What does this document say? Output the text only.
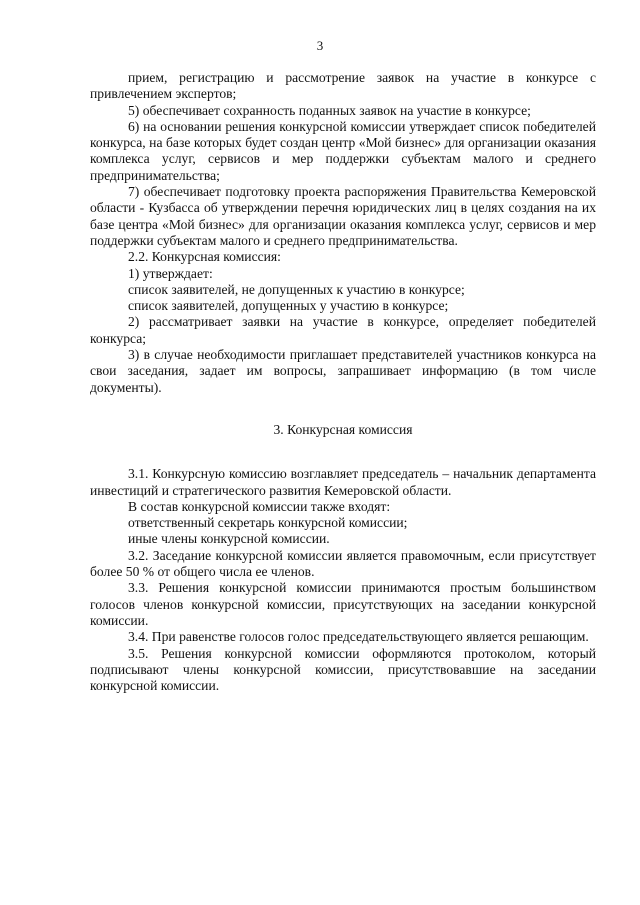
3

прием, регистрацию и рассмотрение заявок на участие в конкурсе с привлечением экспертов;

5) обеспечивает сохранность поданных заявок на участие в конкурсе;

6) на основании решения конкурсной комиссии утверждает список победителей конкурса, на базе которых будет создан центр «Мой бизнес» для организации оказания комплекса услуг, сервисов и мер поддержки субъектам малого и среднего предпринимательства;

7) обеспечивает подготовку проекта распоряжения Правительства Кемеровской области - Кузбасса об утверждении перечня юридических лиц в целях создания на их базе центра «Мой бизнес» для организации оказания комплекса услуг, сервисов и мер поддержки субъектам малого и среднего предпринимательства.

2.2. Конкурсная комиссия:

1) утверждает:

список заявителей, не допущенных к участию в конкурсе;

список заявителей, допущенных у участию в конкурсе;

2) рассматривает заявки на участие в конкурсе, определяет победителей конкурса;

3) в случае необходимости приглашает представителей участников конкурса на свои заседания, задает им вопросы, запрашивает информацию (в том числе документы).

3. Конкурсная комиссия

3.1. Конкурсную комиссию возглавляет председатель – начальник департамента инвестиций и стратегического развития Кемеровской области.

В состав конкурсной комиссии также входят:

ответственный секретарь конкурсной комиссии;

иные члены конкурсной комиссии.

3.2. Заседание конкурсной комиссии является правомочным, если присутствует более 50 % от общего числа ее членов.

3.3. Решения конкурсной комиссии принимаются простым большинством голосов членов конкурсной комиссии, присутствующих на заседании конкурсной комиссии.

3.4. При равенстве голосов голос председательствующего является решающим.

3.5. Решения конкурсной комиссии оформляются протоколом, который подписывают члены конкурсной комиссии, присутствовавшие на заседании конкурсной комиссии.
